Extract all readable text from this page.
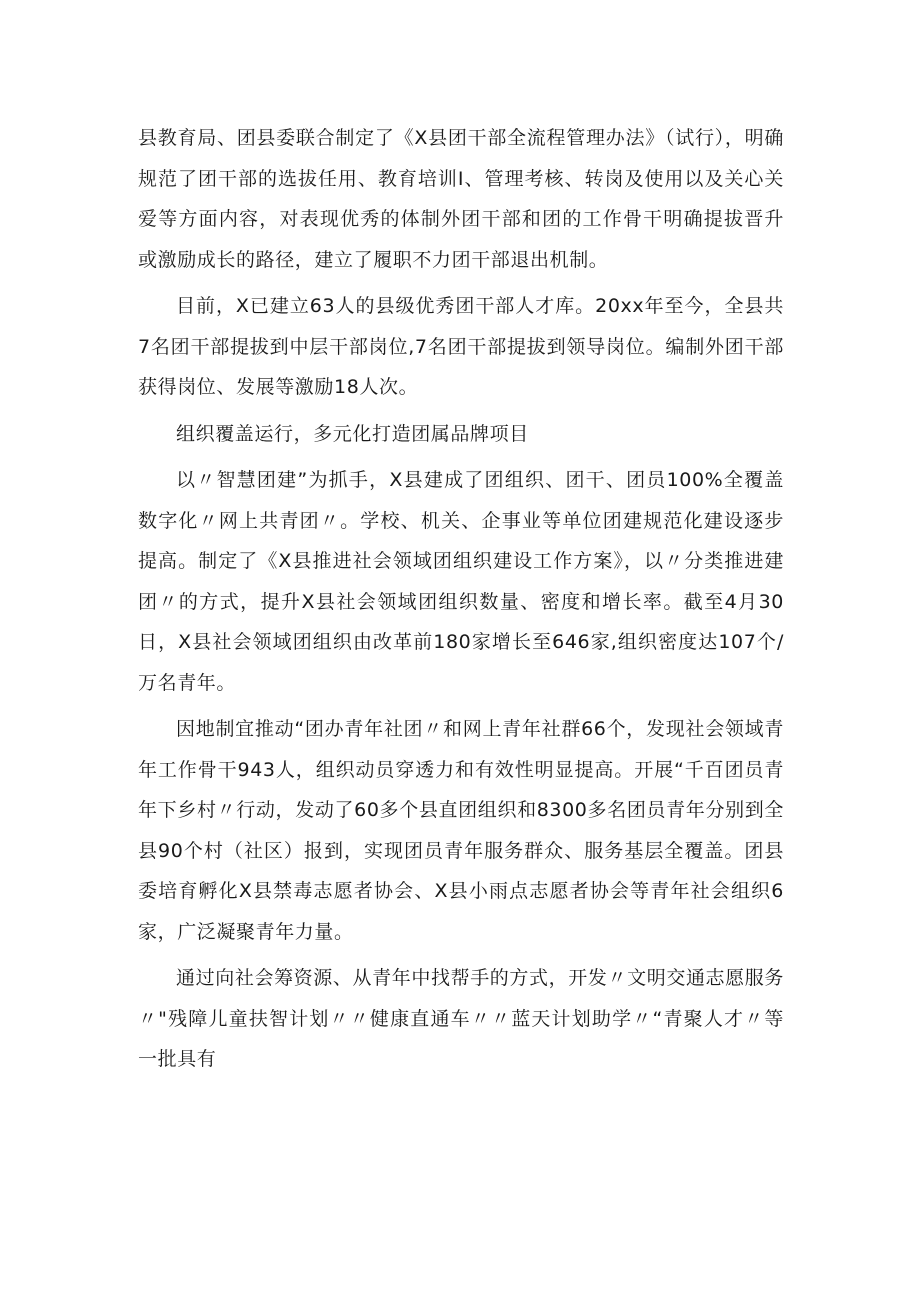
县教育局、团县委联合制定了《X县团干部全流程管理办法》（试行），明确规范了团干部的选拔任用、教育培训I、管理考核、转岗及使用以及关心关爱等方面内容，对表现优秀的体制外团干部和团的工作骨干明确提拔晋升或激励成长的路径，建立了履职不力团干部退出机制。

目前，X已建立63人的县级优秀团干部人才库。20xx年至今，全县共7名团干部提拔到中层干部岗位,7名团干部提拔到领导岗位。编制外团干部获得岗位、发展等激励18人次。

组织覆盖运行，多元化打造团属品牌项目

以〃智慧团建”为抓手，X县建成了团组织、团干、团员100%全覆盖数字化〃网上共青团〃。学校、机关、企事业等单位团建规范化建设逐步提高。制定了《X县推进社会领域团组织建设工作方案》，以〃分类推进建团〃的方式，提升X县社会领域团组织数量、密度和增长率。截至4月30日，X县社会领域团组织由改革前180家增长至646家,组织密度达107个/万名青年。

因地制宜推动“团办青年社团〃和网上青年社群66个，发现社会领域青年工作骨干943人，组织动员穿透力和有效性明显提高。开展“千百团员青年下乡村〃行动，发动了60多个县直团组织和8300多名团员青年分别到全县90个村（社区）报到，实现团员青年服务群众、服务基层全覆盖。团县委培育孵化X县禁毒志愿者协会、X县小雨点志愿者协会等青年社会组织6家，广泛凝聚青年力量。

通过向社会筹资源、从青年中找帮手的方式，开发〃文明交通志愿服务〃"残障儿童扶智计划〃〃健康直通车〃〃蓝天计划助学〃“青聚人才〃等一批具有
